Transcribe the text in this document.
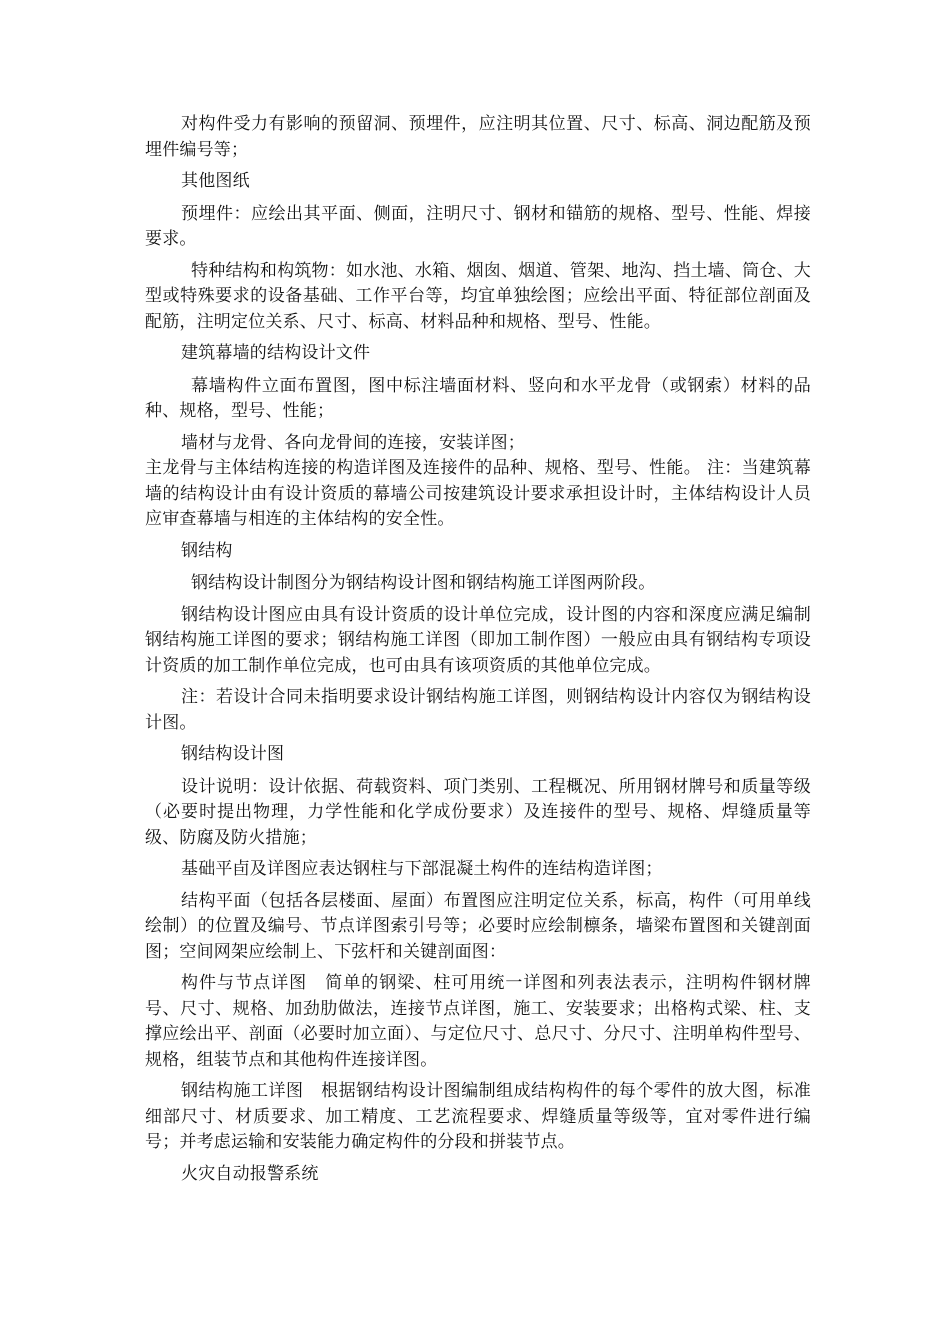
对构件受力有影响的预留洞、预埋件，应注明其位置、尺寸、标高、洞边配筋及预埋件编号等；

其他图纸

预埋件：应绘出其平面、侧面，注明尺寸、钢材和锚筋的规格、型号、性能、焊接要求。

特种结构和构筑物：如水池、水箱、烟囱、烟道、管架、地沟、挡土墙、筒仓、大型或特殊要求的设备基础、工作平台等，均宜单独绘图；应绘出平面、特征部位剖面及配筋，注明定位关系、尺寸、标高、材料品种和规格、型号、性能。

建筑幕墙的结构设计文件

幕墙构件立面布置图，图中标注墙面材料、竖向和水平龙骨（或钢索）材料的品种、规格，型号、性能；

墙材与龙骨、各向龙骨间的连接，安装详图；

主龙骨与主体结构连接的构造详图及连接件的品种、规格、型号、性能。 注：当建筑幕墙的结构设计由有设计资质的幕墙公司按建筑设计要求承担设计时，主体结构设计人员应审查幕墙与相连的主体结构的安全性。

钢结构

钢结构设计制图分为钢结构设计图和钢结构施工详图两阶段。

钢结构设计图应由具有设计资质的设计单位完成，设计图的内容和深度应满足编制钢结构施工详图的要求；钢结构施工详图（即加工制作图）一般应由具有钢结构专项设计资质的加工制作单位完成，也可由具有该项资质的其他单位完成。

注：若设计合同未指明要求设计钢结构施工详图，则钢结构设计内容仅为钢结构设计图。

钢结构设计图

设计说明：设计依据、荷载资料、项门类别、工程概况、所用钢材牌号和质量等级（必要时提出物理，力学性能和化学成份要求）及连接件的型号、规格、焊缝质量等级、防腐及防火措施；

基础平卣及详图应表达钢柱与下部混凝土构件的连结构造详图；

结构平面（包括各层楼面、屋面）布置图应注明定位关系，标高，构件（可用单线绘制）的位置及编号、节点详图索引号等；必要时应绘制檩条，墙梁布置图和关键剖面图；空间网架应绘制上、下弦杆和关键剖面图：

构件与节点详图　简单的钢梁、柱可用统一详图和列表法表示，注明构件钢材牌号、尺寸、规格、加劲肋做法，连接节点详图，施工、安装要求；出格构式梁、柱、支撑应绘出平、剖面（必要时加立面）、与定位尺寸、总尺寸、分尺寸、注明单构件型号、规格，组装节点和其他构件连接详图。

钢结构施工详图　根据钢结构设计图编制组成结构构件的每个零件的放大图，标准细部尺寸、材质要求、加工精度、工艺流程要求、焊缝质量等级等，宜对零件进行编号；并考虑运输和安装能力确定构件的分段和拼装节点。

火灾自动报警系统
